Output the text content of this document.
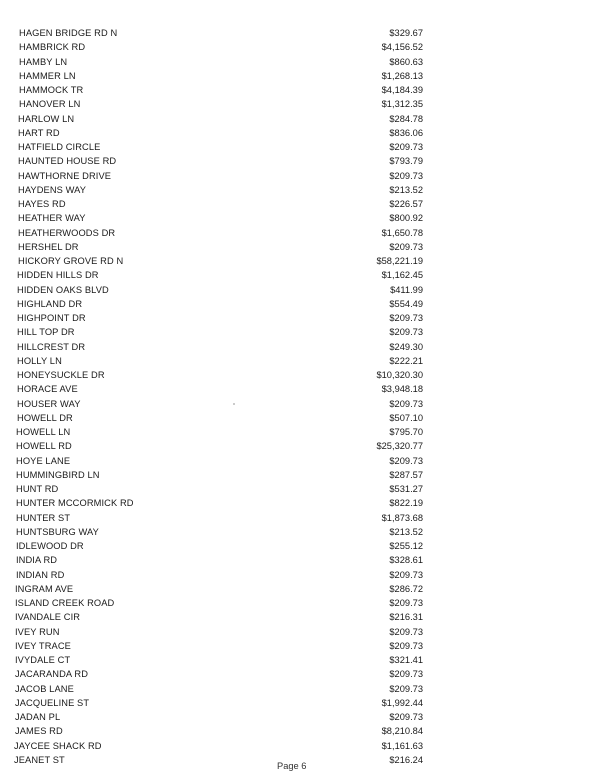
HAGEN BRIDGE RD N	$329.67
HAMBRICK RD	$4,156.52
HAMBY LN	$860.63
HAMMER LN	$1,268.13
HAMMOCK TR	$4,184.39
HANOVER LN	$1,312.35
HARLOW LN	$284.78
HART RD	$836.06
HATFIELD CIRCLE	$209.73
HAUNTED HOUSE RD	$793.79
HAWTHORNE DRIVE	$209.73
HAYDENS WAY	$213.52
HAYES RD	$226.57
HEATHER WAY	$800.92
HEATHERWOODS DR	$1,650.78
HERSHEL DR	$209.73
HICKORY GROVE RD N	$58,221.19
HIDDEN HILLS DR	$1,162.45
HIDDEN OAKS BLVD	$411.99
HIGHLAND DR	$554.49
HIGHPOINT DR	$209.73
HILL TOP DR	$209.73
HILLCREST DR	$249.30
HOLLY LN	$222.21
HONEYSUCKLE DR	$10,320.30
HORACE AVE	$3,948.18
HOUSER WAY	$209.73
HOWELL DR	$507.10
HOWELL LN	$795.70
HOWELL RD	$25,320.77
HOYE LANE	$209.73
HUMMINGBIRD LN	$287.57
HUNT RD	$531.27
HUNTER MCCORMICK RD	$822.19
HUNTER ST	$1,873.68
HUNTSBURG WAY	$213.52
IDLEWOOD DR	$255.12
INDIA RD	$328.61
INDIAN RD	$209.73
INGRAM AVE	$286.72
ISLAND CREEK ROAD	$209.73
IVANDALE CIR	$216.31
IVEY RUN	$209.73
IVEY TRACE	$209.73
IVYDALE CT	$321.41
JACARANDA RD	$209.73
JACOB LANE	$209.73
JACQUELINE ST	$1,992.44
JADAN PL	$209.73
JAMES RD	$8,210.84
JAYCEE SHACK RD	$1,161.63
JEANET ST	$216.24
Page 6
